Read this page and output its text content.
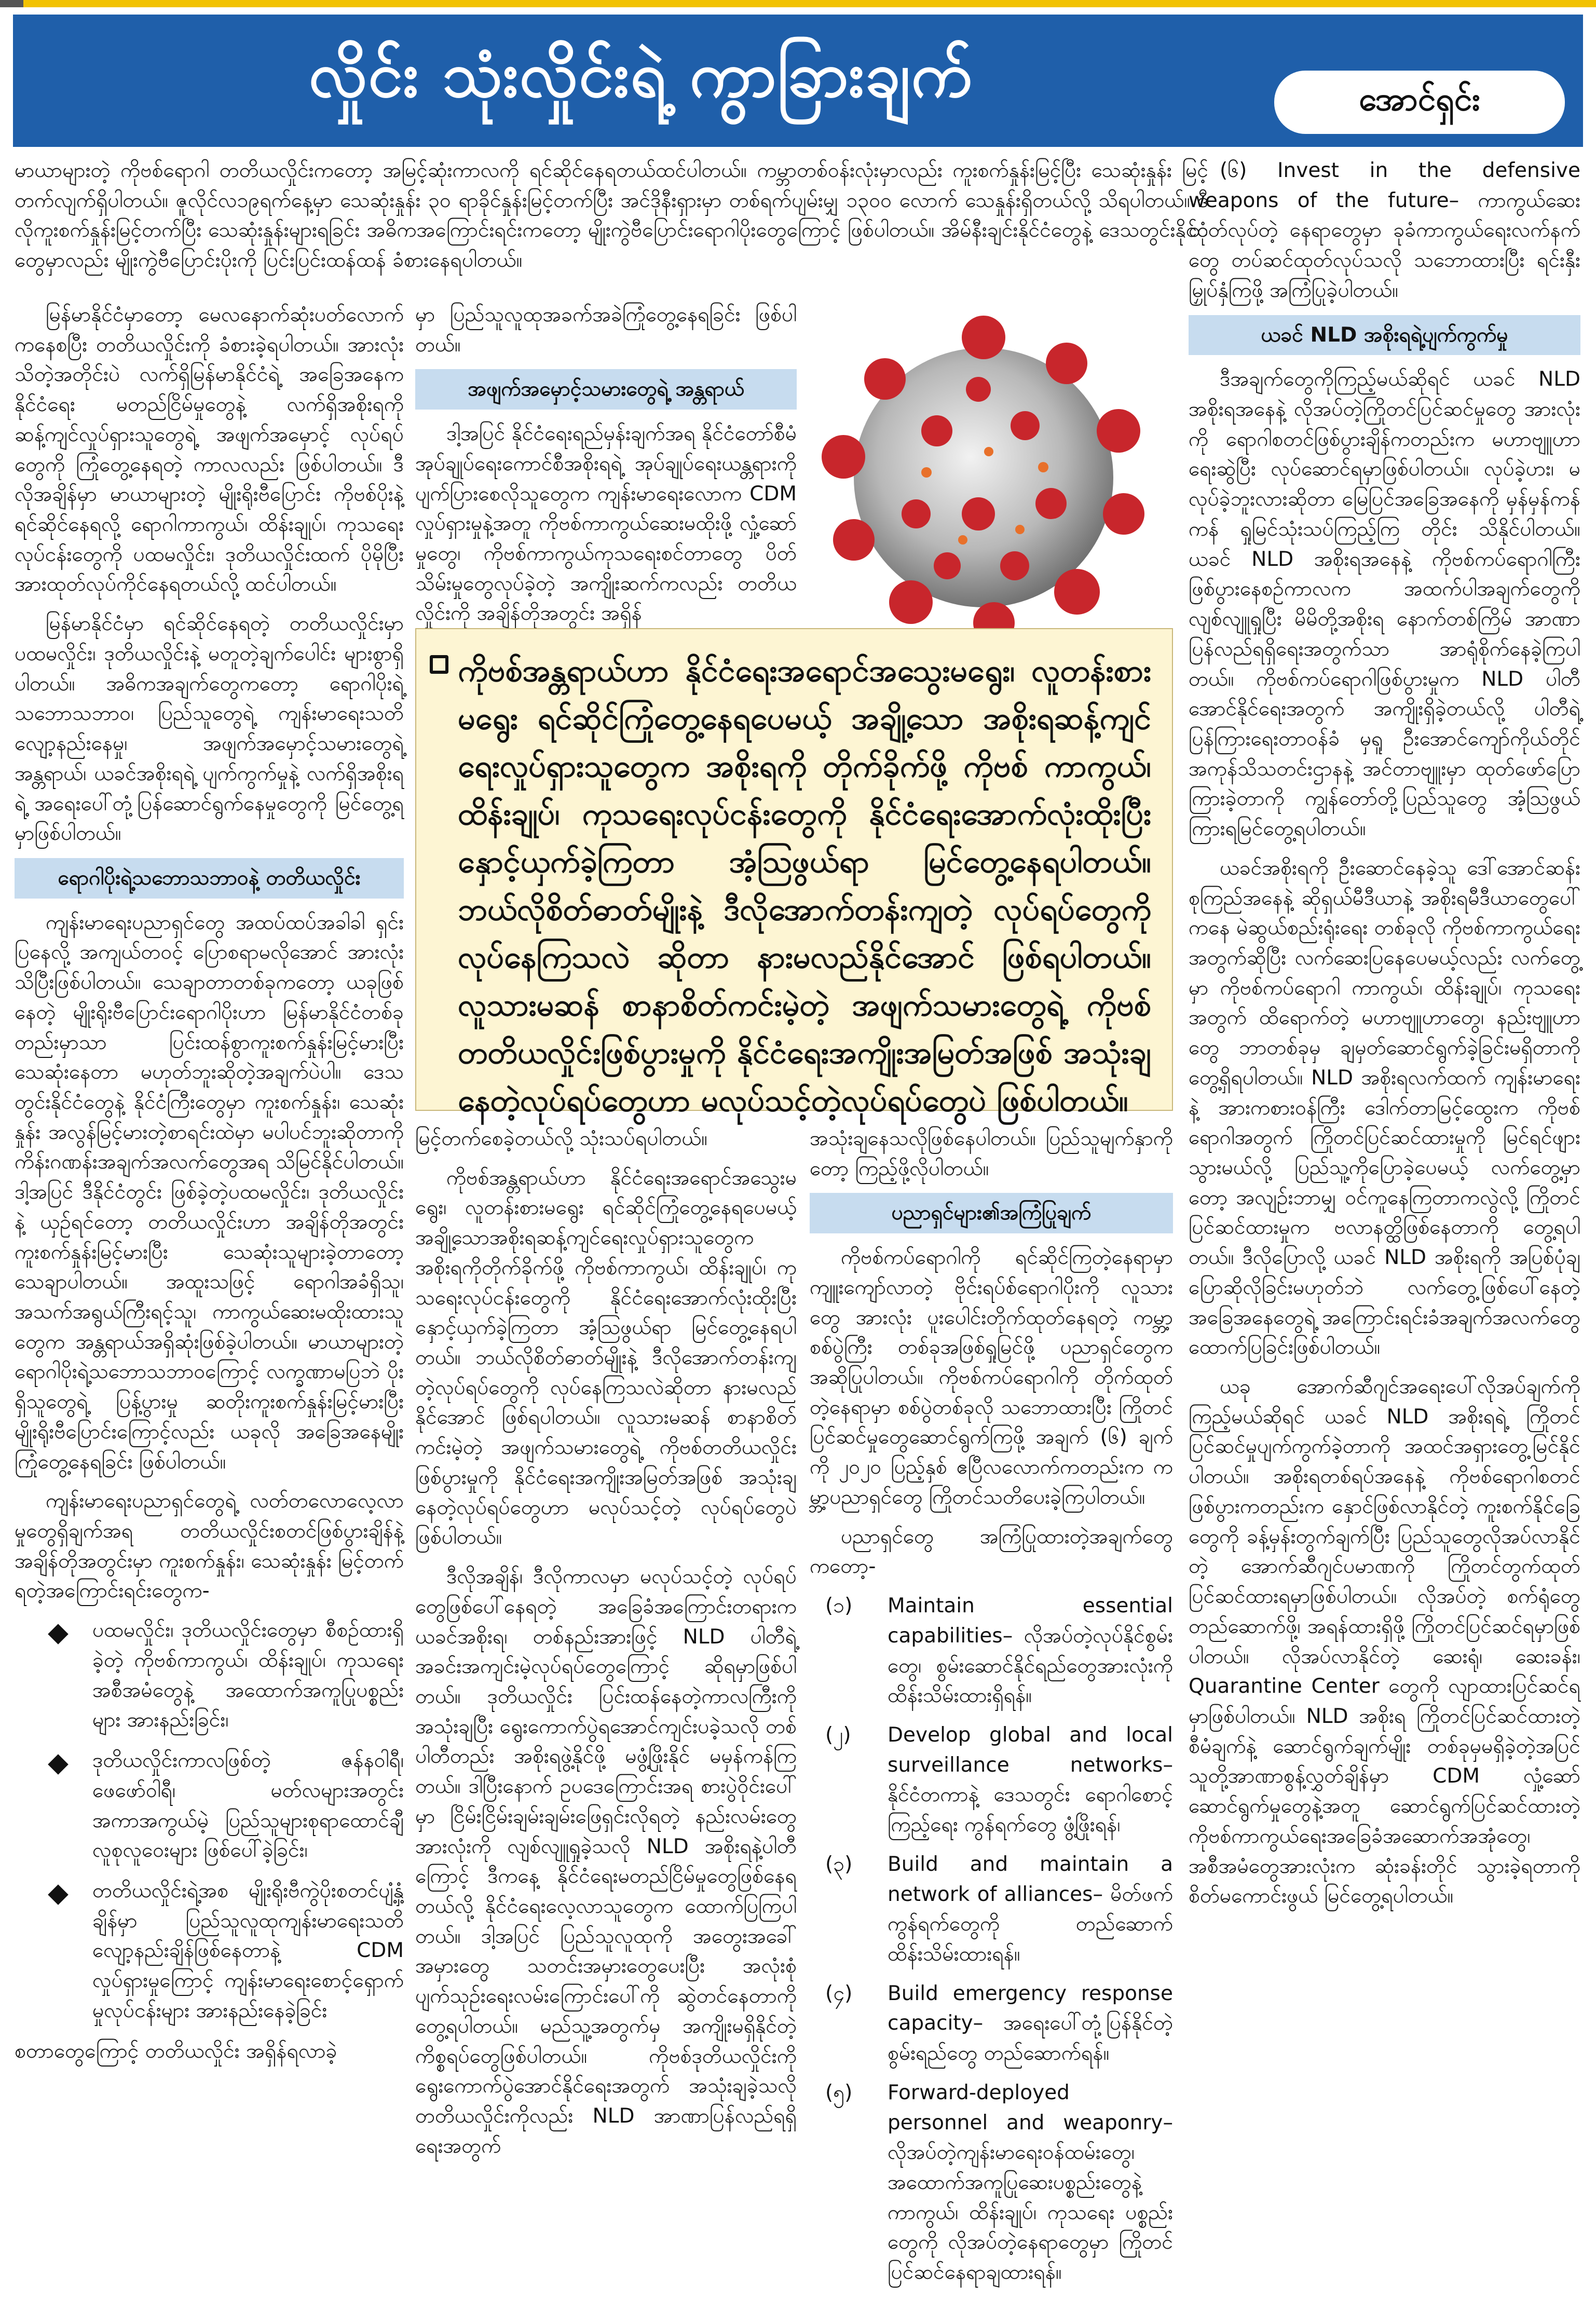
လှိုင်း သုံးလှိုင်းရဲ့ ကွာခြားချက်	အောင်ရှင်း

မာယာများတဲ့ ကိုဗစ်ရောဂါ တတိယလှိုင်းကတော့ အမြင့်ဆုံးကာလကို ရင်ဆိုင်နေရတယ်ထင်ပါတယ်။ ကမ္ဘာတစ်ဝန်းလုံးမှာလည်း ကူးစက်နှုန်းမြင့်ပြီး သေဆုံးနှုန်း မြင့်တက်လျက်ရှိပါတယ်။ ဇူလိုင်လ၁၉ရက်နေ့မှာ သေဆုံးနှုန်း ၃၀ ရာခိုင်နှုန်းမြင့်တက်ပြီး အင်ဒိုနီးရှားမှာ တစ်ရက်ပျမ်းမျှ ၁၃၀၀ လောက် သေနှုန်းရှိတယ်လို့ သိရပါတယ်။ ဒီလိုကူးစက်နှုန်းမြင့်တက်ပြီး သေဆုံးနှုန်းများရခြင်း အဓိကအကြောင်းရင်းကတော့ မျိုးကွဲဗီပြောင်းရောဂါပိုးတွေကြောင့် ဖြစ်ပါတယ်။ အိမ်နီးချင်းနိုင်ငံတွေနဲ့ ဒေသတွင်းနိုင်ငံတွေမှာလည်း မျိုးကွဲဗီပြောင်းပိုးကို ပြင်းပြင်းထန်ထန် ခံစားနေရပါတယ်။

မြန်မာနိုင်ငံမှာတော့ မေလနောက်ဆုံးပတ်လောက်ကနေစပြီး တတိယလှိုင်းကို ခံစားခဲ့ရပါတယ်။ အားလုံးသိတဲ့အတိုင်းပဲ လက်ရှိမြန်မာနိုင်ငံရဲ့ အခြေအနေက နိုင်ငံရေး မတည်ငြိမ်မှုတွေနဲ့ လက်ရှိအစိုးရကို ဆန့်ကျင်လှုပ်ရှားသူတွေရဲ့ အဖျက်အမှောင့် လုပ်ရပ်တွေကို ကြုံတွေ့နေရတဲ့ ကာလလည်း ဖြစ်ပါတယ်။ ဒီလိုအချိန်မှာ မာယာများတဲ့ မျိုးရိုးဗီပြောင်း ကိုဗစ်ပိုးနဲ့ ရင်ဆိုင်နေရလို့ ရောဂါကာကွယ်၊ ထိန်းချုပ်၊ ကုသရေးလုပ်ငန်းတွေကို ပထမလှိုင်း၊ ဒုတိယလှိုင်းထက် ပိုမိုပြီး အားထုတ်လုပ်ကိုင်နေရတယ်လို့ ထင်ပါတယ်။

မြန်မာနိုင်ငံမှာ ရင်ဆိုင်နေရတဲ့ တတိယလှိုင်းမှာ ပထမလှိုင်း၊ ဒုတိယလှိုင်းနဲ့ မတူတဲ့ချက်ပေါင်း များစွာရှိပါတယ်။ အဓိကအချက်တွေကတော့ ရောဂါပိုးရဲ့ သဘောသဘာဝ၊ ပြည်သူတွေရဲ့ ကျန်းမာရေးသတိလျော့နည်းနေမှု၊ အဖျက်အမှောင့်သမားတွေရဲ့ အန္တရာယ်၊ ယခင်အစိုးရရဲ့ ပျက်ကွက်မှုနဲ့ လက်ရှိအစိုးရရဲ့ အရေးပေါ်တုံ့ပြန်ဆောင်ရွက်နေမှုတွေကို မြင်တွေ့ရမှာဖြစ်ပါတယ်။

ရောဂါပိုးရဲ့သဘောသဘာဝနဲ့ တတိယလှိုင်း

ကျန်းမာရေးပညာရှင်တွေ အထပ်ထပ်အခါခါ ရှင်းပြနေလို့ အကျယ်တဝင့် ပြောစရာမလိုအောင် အားလုံးသိပြီးဖြစ်ပါတယ်။ သေချာတာတစ်ခုကတော့ ယခုဖြစ်နေတဲ့ မျိုးရိုးဗီပြောင်းရောဂါပိုးဟာ မြန်မာနိုင်ငံတစ်ခုတည်းမှာသာ ပြင်းထန်စွာကူးစက်နှုန်းမြင့်မားပြီး သေဆုံးနေတာ မဟုတ်ဘူးဆိုတဲ့အချက်ပဲပါ။ ဒေသတွင်းနိုင်ငံတွေနဲ့ နိုင်ငံကြီးတွေမှာ ကူးစက်နှုန်း၊ သေဆုံးနှုန်း အလွန်မြင့်မားတဲ့စာရင်းထဲမှာ မပါပင်ဘူးဆိုတာကို ကိန်းဂဏန်းအချက်အလက်တွေအရ သိမြင်နိုင်ပါတယ်။ ဒါ့အပြင် ဒီနိုင်ငံတွင်း ဖြစ်ခဲ့တဲ့ပထမလှိုင်း၊ ဒုတိယလှိုင်းနဲ့ ယှဉ်ရင်တော့ တတိယလှိုင်းဟာ အချိန်တိုအတွင်း ကူးစက်နှုန်းမြင့်မားပြီး သေဆုံးသူများခဲ့တာတော့ သေချာပါတယ်။ အထူးသဖြင့် ရောဂါအခံရှိသူ၊ အသက်အရွယ်ကြီးရင့်သူ၊ ကာကွယ်ဆေးမထိုးထားသူတွေက အန္တရာယ်အရှိဆုံးဖြစ်ခဲ့ပါတယ်။ မာယာများတဲ့ ရောဂါပိုးရဲ့သဘောသဘာဝကြောင့် လက္ခဏာမပြဘဲ ပိုးရှိသူတွေရဲ့ ပြန့်ပွားမှု ဆတိုးကူးစက်နှုန်းမြင့်မားပြီး မျိုးရိုးဗီပြောင်းကြောင့်လည်း ယခုလို အခြေအနေမျိုး ကြုံတွေ့နေရခြင်း ဖြစ်ပါတယ်။

ကျန်းမာရေးပညာရှင်တွေရဲ့ လတ်တလောလေ့လာမှုတွေရှိချက်အရ တတိယလှိုင်းစတင်ဖြစ်ပွားချိန်နဲ့အချိန်တိုအတွင်းမှာ ကူးစက်နှုန်း၊ သေဆုံးနှုန်း မြင့်တက်ရတဲ့အကြောင်းရင်းတွေက-

ပထမလှိုင်း၊ ဒုတိယလှိုင်းတွေမှာ စီစဉ်ထားရှိခဲ့တဲ့ ကိုဗစ်ကာကွယ်၊ ထိန်းချုပ်၊ ကုသရေးအစီအမံတွေနဲ့ အထောက်အကူပြုပစ္စည်းများ အားနည်းခြင်း၊
ဒုတိယလှိုင်းကာလဖြစ်တဲ့ ဇန်နဝါရီ၊ ဖေဖော်ဝါရီ၊ မတ်လများအတွင်း အကာအကွယ်မဲ့ ပြည်သူများစုရာထောင်ချီ လူစုလူဝေးများ ဖြစ်ပေါ်ခဲ့ခြင်း၊
တတိယလှိုင်းရဲ့အစ မျိုးရိုးဗီကွဲပိုးစတင်ပျံ့နှံ့ချိန်မှာ ပြည်သူလူထုကျန်းမာရေးသတိ လျော့နည်းချိန်ဖြစ်နေတာနဲ့ CDM လှုပ်ရှားမှုကြောင့် ကျန်းမာရေးစောင့်ရှောက်မှုလုပ်ငန်းများ အားနည်းနေခဲ့ခြင်း

စတာတွေကြောင့် တတိယလှိုင်း အရှိန်ရလာခဲ့

မှာ ပြည်သူလူထုအခက်အခဲကြုံတွေ့နေရခြင်း ဖြစ်ပါတယ်။

အဖျက်အမှောင့်သမားတွေရဲ့ အန္တရာယ်

ဒါ့အပြင် နိုင်ငံရေးရည်မှန်းချက်အရ နိုင်ငံတော်စီမံအုပ်ချုပ်ရေးကောင်စီအစိုးရရဲ့ အုပ်ချုပ်ရေးယန္တရားကို ပျက်ပြားစေလိုသူတွေက ကျန်းမာရေးလောက CDM လှုပ်ရှားမှုနဲ့အတူ ကိုဗစ်ကာကွယ်ဆေးမထိုးဖို့ လှုံ့ဆော်မှုတွေ၊ ကိုဗစ်ကာကွယ်ကုသရေးစင်တာတွေ ပိတ်သိမ်းမှုတွေလုပ်ခဲ့တဲ့ အကျိုးဆက်ကလည်း တတိယလှိုင်းကို အချိန်တိုအတွင်း အရှိန်

ကိုဗစ်အန္တရာယ်ဟာ နိုင်ငံရေးအရောင်အသွေးမရွေး၊ လူတန်းစားမရွေး ရင်ဆိုင်ကြုံတွေ့နေရပေမယ့် အချို့သော အစိုးရဆန့်ကျင်ရေးလှုပ်ရှားသူတွေက အစိုးရကို တိုက်ခိုက်ဖို့ ကိုဗစ် ကာကွယ်၊ ထိန်းချုပ်၊ ကုသရေးလုပ်ငန်းတွေကို နိုင်ငံရေးအောက်လုံးထိုးပြီး နှောင့်ယှက်ခဲ့ကြတာ အံ့သြဖွယ်ရာ မြင်တွေ့နေရပါတယ်။ ဘယ်လိုစိတ်ဓာတ်မျိုးနဲ့ ဒီလိုအောက်တန်းကျတဲ့ လုပ်ရပ်တွေကို လုပ်နေကြသလဲ ဆိုတာ နားမလည်နိုင်အောင် ဖြစ်ရပါတယ်။ လူသားမဆန် စာနာစိတ်ကင်းမဲ့တဲ့ အဖျက်သမားတွေရဲ့ ကိုဗစ်တတိယလှိုင်းဖြစ်ပွားမှုကို နိုင်ငံရေးအကျိုးအမြတ်အဖြစ် အသုံးချနေတဲ့လုပ်ရပ်တွေဟာ မလုပ်သင့်တဲ့လုပ်ရပ်တွေပဲ ဖြစ်ပါတယ်။

မြင့်တက်စေခဲ့တယ်လို့ သုံးသပ်ရပါတယ်။

ကိုဗစ်အန္တရာယ်ဟာ နိုင်ငံရေးအရောင်အသွေးမရွေး၊ လူတန်းစားမရွေး ရင်ဆိုင်ကြုံတွေ့နေရပေမယ့် အချို့သောအစိုးရဆန့်ကျင်ရေးလှုပ်ရှားသူတွေက အစိုးရကိုတိုက်ခိုက်ဖို့ ကိုဗစ်ကာကွယ်၊ ထိန်းချုပ်၊ ကုသရေးလုပ်ငန်းတွေကို နိုင်ငံရေးအောက်လုံးထိုးပြီး နှောင့်ယှက်ခဲ့ကြတာ အံ့သြဖွယ်ရာ မြင်တွေ့နေရပါတယ်။ ဘယ်လိုစိတ်ဓာတ်မျိုးနဲ့ ဒီလိုအောက်တန်းကျတဲ့လုပ်ရပ်တွေကို လုပ်နေကြသလဲဆိုတာ နားမလည်နိုင်အောင် ဖြစ်ရပါတယ်။ လူသားမဆန် စာနာစိတ်ကင်းမဲ့တဲ့ အဖျက်သမားတွေရဲ့ ကိုဗစ်တတိယလှိုင်းဖြစ်ပွားမှုကို နိုင်ငံရေးအကျိုးအမြတ်အဖြစ် အသုံးချနေတဲ့လုပ်ရပ်တွေဟာ မလုပ်သင့်တဲ့ လုပ်ရပ်တွေပဲ ဖြစ်ပါတယ်။

ဒီလိုအချိန်၊ ဒီလိုကာလမှာ မလုပ်သင့်တဲ့ လုပ်ရပ်တွေဖြစ်ပေါ်နေရတဲ့ အခြေခံအကြောင်းတရားက ယခင်အစိုးရ၊ တစ်နည်းအားဖြင့် NLD ပါတီရဲ့ အခင်းအကျင်းမဲ့လုပ်ရပ်တွေကြောင့် ဆိုရမှာဖြစ်ပါတယ်။ ဒုတိယလှိုင်း ပြင်းထန်နေတဲ့ကာလကြီးကို အသုံးချပြီး ရွေးကောက်ပွဲရအောင်ကျင်းပခဲ့သလို တစ်ပါတီတည်း အစိုးရဖွဲ့နိုင်ဖို့ မဖွံ့ဖြိုးနိုင် မမှန်ကန်ကြတယ်။ ဒါပြီးနောက် ဥပဒေကြောင်းအရ စားပွဲဝိုင်းပေါ်မှာ ငြိမ်းငြိမ်းချမ်းချမ်းဖြေရှင်းလိုရတဲ့ နည်းလမ်းတွေအားလုံးကို လျစ်လျူရှုခဲ့သလို NLD အစိုးရနဲ့ပါတီကြောင့် ဒီကနေ့ နိုင်ငံရေးမတည်ငြိမ်မှုတွေဖြစ်နေရတယ်လို့ နိုင်ငံရေးလေ့လာသူတွေက ထောက်ပြကြပါတယ်။ ဒါ့အပြင် ပြည်သူလူထုကို အတွေးအခေါ်အမှားတွေ သတင်းအမှားတွေပေးပြီး အလုံးစုံပျက်သုဉ်းရေးလမ်းကြောင်းပေါ်ကို ဆွဲတင်နေတာကို တွေ့ရပါတယ်။ မည်သူ့အတွက်မှ အကျိုးမရှိနိုင်တဲ့ ကိစ္စရပ်တွေဖြစ်ပါတယ်။ ကိုဗစ်ဒုတိယလှိုင်းကို ရွေးကောက်ပွဲအောင်နိုင်ရေးအတွက် အသုံးချခဲ့သလို တတိယလှိုင်းကိုလည်း NLD အာဏာပြန်လည်ရရှိရေးအတွက်

အသုံးချနေသလိုဖြစ်နေပါတယ်။ ပြည်သူမျက်နှာကိုတော့ ကြည့်ဖို့လိုပါတယ်။

ပညာရှင်များ၏အကြံပြုချက်

ကိုဗစ်ကပ်ရောဂါကို ရင်ဆိုင်ကြတဲ့နေရာမှာ ကျူးကျော်လာတဲ့ ဗိုင်းရပ်စ်ရောဂါပိုးကို လူသားတွေ အားလုံး ပူးပေါင်းတိုက်ထုတ်နေရတဲ့ ကမ္ဘာ့စစ်ပွဲကြီး တစ်ခုအဖြစ်ရှုမြင်ဖို့ ပညာရှင်တွေက အဆိုပြုပါတယ်။ ကိုဗစ်ကပ်ရောဂါကို တိုက်ထုတ်တဲ့နေရာမှာ စစ်ပွဲတစ်ခုလို သဘောထားပြီး ကြိုတင်ပြင်ဆင်မှုတွေဆောင်ရွက်ကြဖို့ အချက် (၆) ချက်ကို ၂၀၂၀ ပြည့်နှစ် ဧပြီလလောက်ကတည်းက ကမ္ဘာ့ပညာရှင်တွေ ကြိုတင်သတိပေးခဲ့ကြပါတယ်။

ပညာရှင်တွေ အကြံပြုထားတဲ့အချက်တွေကတော့-

(၁) Maintain essential capabilities– လိုအပ်တဲ့လုပ်နိုင်စွမ်းတွေ၊ စွမ်းဆောင်နိုင်ရည်တွေအားလုံးကို ထိန်းသိမ်းထားရှိရန်။
(၂) Develop global and local surveillance networks– နိုင်ငံတကာနဲ့ ဒေသတွင်း ရောဂါစောင့်ကြည့်ရေး ကွန်ရက်တွေ ဖွံ့ဖြိုးရန်၊
(၃) Build and maintain a network of alliances– မိတ်ဖက်ကွန်ရက်တွေကို တည်ဆောက်ထိန်းသိမ်းထားရန်။
(၄) Build emergency response capacity– အရေးပေါ်တုံ့ပြန်နိုင်တဲ့ စွမ်းရည်တွေ တည်ဆောက်ရန်။
(၅) Forward-deployed personnel and weaponry– လိုအပ်တဲ့ကျန်းမာရေးဝန်ထမ်းတွေ၊ အထောက်အကူပြုဆေးပစ္စည်းတွေနဲ့ ကာကွယ်၊ ထိန်းချုပ်၊ ကုသရေး ပစ္စည်းတွေကို လိုအပ်တဲ့နေရာတွေမှာ ကြိုတင်ပြင်ဆင်နေရာချထားရန်။

(၆) Invest in the defensive weapons of the future– ကာကွယ်ဆေးထုတ်လုပ်တဲ့ နေရာတွေမှာ ခုခံကာကွယ်ရေးလက်နက်တွေ တပ်ဆင်ထုတ်လုပ်သလို သဘောထားပြီး ရင်းနှီးမြှုပ်နှံကြဖို့ အကြံပြုခဲ့ပါတယ်။

ယခင် NLD အစိုးရရဲ့ပျက်ကွက်မှု

ဒီအချက်တွေကိုကြည့်မယ်ဆိုရင် ယခင် NLD အစိုးရအနေနဲ့ လိုအပ်တဲ့ကြိုတင်ပြင်ဆင်မှုတွေ အားလုံးကို ရောဂါစတင်ဖြစ်ပွားချိန်ကတည်းက မဟာဗျူဟာရေးဆွဲပြီး လုပ်ဆောင်ရမှာဖြစ်ပါတယ်။ လုပ်ခဲ့ပား၊ မလုပ်ခဲ့ဘူးလားဆိုတာ မြေပြင်အခြေအနေကို မှန်မှန်ကန်ကန် ရှုမြင်သုံးသပ်ကြည့်ကြ တိုင်း သိနိုင်ပါတယ်။ ယခင် NLD အစိုးရအနေနဲ့ ကိုဗစ်ကပ်ရောဂါကြီး ဖြစ်ပွားနေစဉ်ကာလက အထက်ပါအချက်တွေကို လျစ်လျူရှုပြီး မိမိတို့အစိုးရ နောက်တစ်ကြိမ် အာဏာပြန်လည်ရရှိရေးအတွက်သာ အာရုံစိုက်နေခဲ့ကြပါတယ်။ ကိုဗစ်ကပ်ရောဂါဖြစ်ပွားမှုက NLD ပါတီအောင်နိုင်ရေးအတွက် အကျိုးရှိခဲ့တယ်လို့ ပါတီရဲ့ပြန်ကြားရေးတာဝန်ခံ မှရူ ဦးအောင်ကျော်ကိုယ်တိုင် အကုန်သိသတင်းဌာနနဲ့ အင်တာဗျူးမှာ ထုတ်ဖော်ပြောကြားခဲ့တာကို ကျွန်တော်တို့ပြည်သူတွေ အံ့သြဖွယ်ကြားရမြင်တွေ့ရပါတယ်။

ယခင်အစိုးရကို ဦးဆောင်နေခဲ့သူ ဒေါ်အောင်ဆန်းစုကြည်အနေနဲ့ ဆိုရှယ်မီဒီယာနဲ့ အစိုးရမီဒီယာတွေပေါ်ကနေ မဲဆွယ်စည်းရုံးရေး တစ်ခုလို ကိုဗစ်ကာကွယ်ရေးအတွက်ဆိုပြီး လက်ဆေးပြနေပေမယ့်လည်း လက်တွေ့မှာ ကိုဗစ်ကပ်ရောဂါ ကာကွယ်၊ ထိန်းချုပ်၊ ကုသရေးအတွက် ထိရောက်တဲ့ မဟာဗျူဟာတွေ၊ နည်းဗျူဟာတွေ ဘာတစ်ခုမှ ချမှတ်ဆောင်ရွက်ခဲ့ခြင်းမရှိတာကို တွေ့ရှိရပါတယ်။ NLD အစိုးရလက်ထက် ကျန်းမာရေးနဲ့ အားကစားဝန်ကြီး ဒေါက်တာမြင့်ထွေးက ကိုဗစ်ရောဂါအတွက် ကြိုတင်ပြင်ဆင်ထားမှုကို မြင်ရင်ဖျားသွားမယ်လို့ ပြည်သူ့ကိုပြောခဲ့ပေမယ့် လက်တွေ့မှာတော့ အလျဉ်းဘာမျှ ဝင်ကူနေကြတာကလွဲလို့ ကြိုတင်ပြင်ဆင်ထားမှုက ဗလာနတ္ထိဖြစ်နေတာကို တွေ့ရပါတယ်။ ဒီလိုပြောလို့ ယခင် NLD အစိုးရကို အပြစ်ပုံချ ပြောဆိုလိုခြင်းမဟုတ်ဘဲ လက်တွေ့ဖြစ်ပေါ်နေတဲ့အခြေအနေတွေရဲ့ အကြောင်းရင်းခံအချက်အလက်တွေ ထောက်ပြခြင်းဖြစ်ပါတယ်။

ယခု အောက်ဆီဂျင်အရေးပေါ်လိုအပ်ချက်ကိုကြည့်မယ်ဆိုရင် ယခင် NLD အစိုးရရဲ့ ကြိုတင်ပြင်ဆင်မှုပျက်ကွက်ခဲ့တာကို အထင်အရှားတွေ့မြင်နိုင်ပါတယ်။ အစိုးရတစ်ရပ်အနေနဲ့ ကိုဗစ်ရောဂါစတင်ဖြစ်ပွားကတည်းက နှောင်ဖြစ်လာနိုင်တဲ့ ကူးစက်နိုင်ခြေတွေကို ခန့်မှန်းတွက်ချက်ပြီး ပြည်သူတွေလိုအပ်လာနိုင်တဲ့ အောက်ဆီဂျင်ပမာဏကို ကြိုတင်တွက်ထုတ်ပြင်ဆင်ထားရမှာဖြစ်ပါတယ်။ လိုအပ်တဲ့ စက်ရုံတွေတည်ဆောက်ဖို့၊ အရန်ထားရှိဖို့ ကြိုတင်ပြင်ဆင်ရမှာဖြစ်ပါတယ်။ လိုအပ်လာနိုင်တဲ့ ဆေးရုံ၊ ဆေးခန်း၊ Quarantine Center တွေကို လျာထားပြင်ဆင်ရမှာဖြစ်ပါတယ်။ NLD အစိုးရ ကြိုတင်ပြင်ဆင်ထားတဲ့ စီမံချက်နဲ့ ဆောင်ရွက်ချက်မျိုး တစ်ခုမှမရှိခဲ့တဲ့အပြင် သူတို့အာဏာစွန့်လွှတ်ချိန်မှာ CDM လှုံ့ဆော်ဆောင်ရွက်မှုတွေနဲ့အတူ ဆောင်ရွက်ပြင်ဆင်ထားတဲ့ ကိုဗစ်ကာကွယ်ရေးအခြေခံအဆောက်အအုံတွေ၊ အစီအမံတွေအားလုံးက ဆုံးခန်းတိုင် သွားခဲ့ရတာကို စိတ်မကောင်းဖွယ် မြင်တွေ့ရပါတယ်။
